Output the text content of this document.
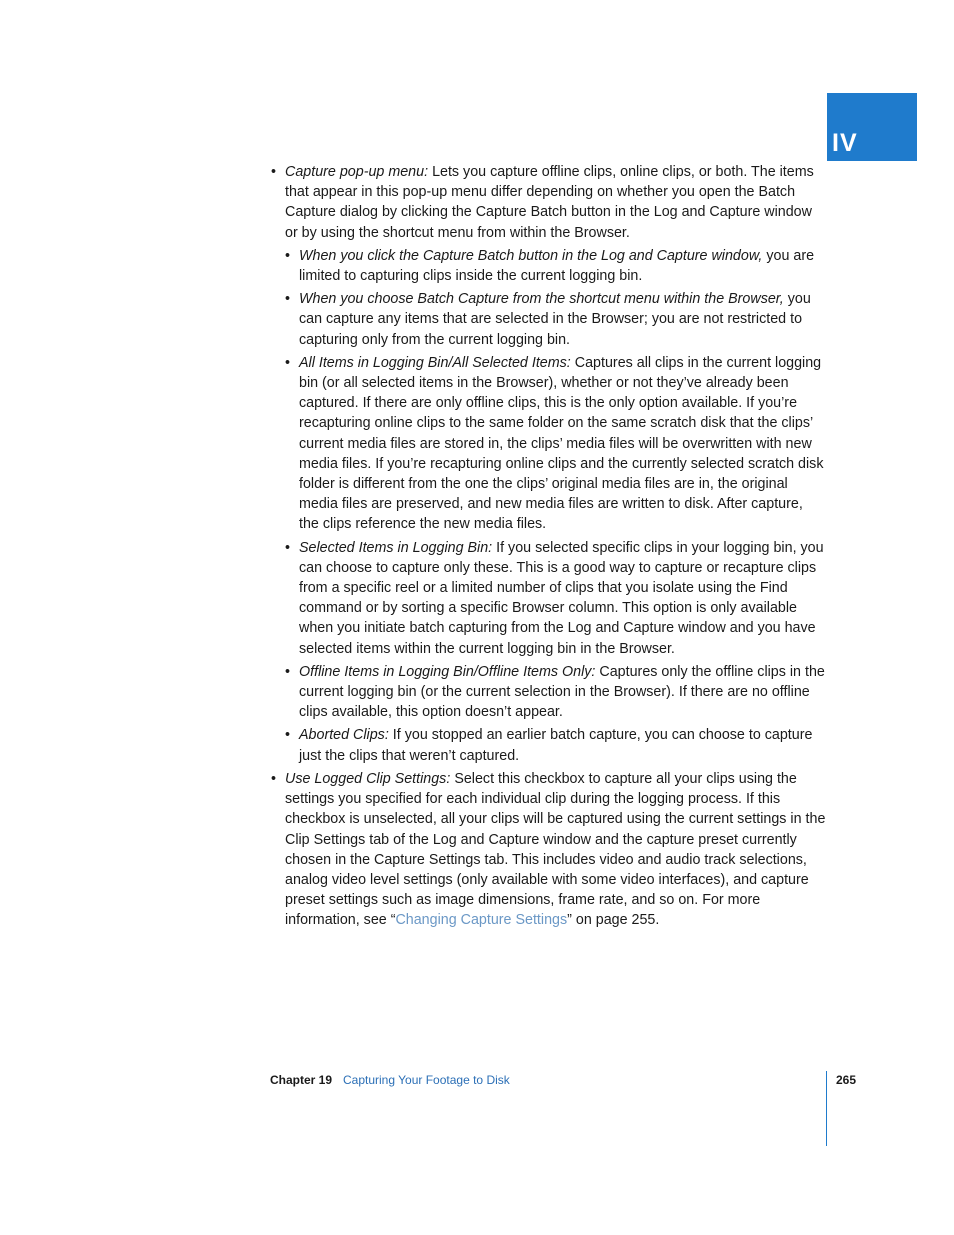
IV
• Capture pop-up menu: Lets you capture offline clips, online clips, or both. The items that appear in this pop-up menu differ depending on whether you open the Batch Capture dialog by clicking the Capture Batch button in the Log and Capture window or by using the shortcut menu from within the Browser.
• When you click the Capture Batch button in the Log and Capture window, you are limited to capturing clips inside the current logging bin.
• When you choose Batch Capture from the shortcut menu within the Browser, you can capture any items that are selected in the Browser; you are not restricted to capturing only from the current logging bin.
• All Items in Logging Bin/All Selected Items: Captures all clips in the current logging bin (or all selected items in the Browser), whether or not they’ve already been captured. If there are only offline clips, this is the only option available. If you’re recapturing online clips to the same folder on the same scratch disk that the clips’ current media files are stored in, the clips’ media files will be overwritten with new media files. If you’re recapturing online clips and the currently selected scratch disk folder is different from the one the clips’ original media files are in, the original media files are preserved, and new media files are written to disk. After capture, the clips reference the new media files.
• Selected Items in Logging Bin: If you selected specific clips in your logging bin, you can choose to capture only these. This is a good way to capture or recapture clips from a specific reel or a limited number of clips that you isolate using the Find command or by sorting a specific Browser column. This option is only available when you initiate batch capturing from the Log and Capture window and you have selected items within the current logging bin in the Browser.
• Offline Items in Logging Bin/Offline Items Only: Captures only the offline clips in the current logging bin (or the current selection in the Browser). If there are no offline clips available, this option doesn’t appear.
• Aborted Clips: If you stopped an earlier batch capture, you can choose to capture just the clips that weren’t captured.
• Use Logged Clip Settings: Select this checkbox to capture all your clips using the settings you specified for each individual clip during the logging process. If this checkbox is unselected, all your clips will be captured using the current settings in the Clip Settings tab of the Log and Capture window and the capture preset currently chosen in the Capture Settings tab. This includes video and audio track selections, analog video level settings (only available with some video interfaces), and capture preset settings such as image dimensions, frame rate, and so on. For more information, see “Changing Capture Settings” on page 255.
Chapter 19 Capturing Your Footage to Disk	265
